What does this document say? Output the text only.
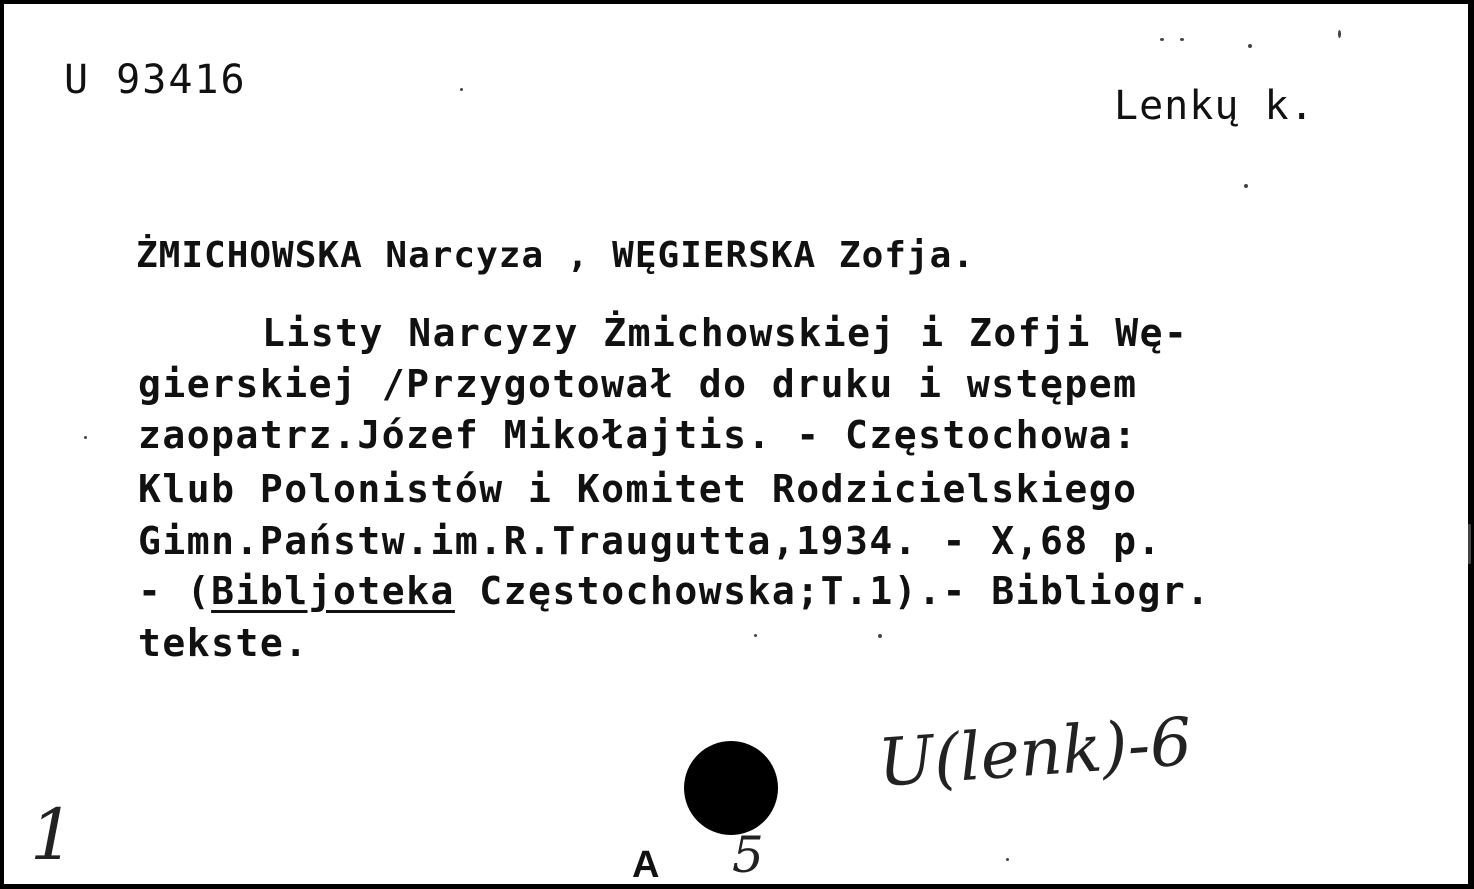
U 93416
Lenkų k.
ŻMICHOWSKA Narcyza , WĘGIERSKA Zofja.
Listy Narcyzy Żmichowskiej i Zofji Wę-
gierskiej /Przygotował do druku i wstępem
zaopatrz.Józef Mikołajtis. - Częstochowa:
Klub Polonistów i Komitet Rodzicielskiego
Gimn.Państw.im.R.Traugutta,1934. - X,68 p.
- (Bibljoteka Częstochowska;T.1).- Bibliogr.
tekste.
1
U(lenk)-6
5
A
